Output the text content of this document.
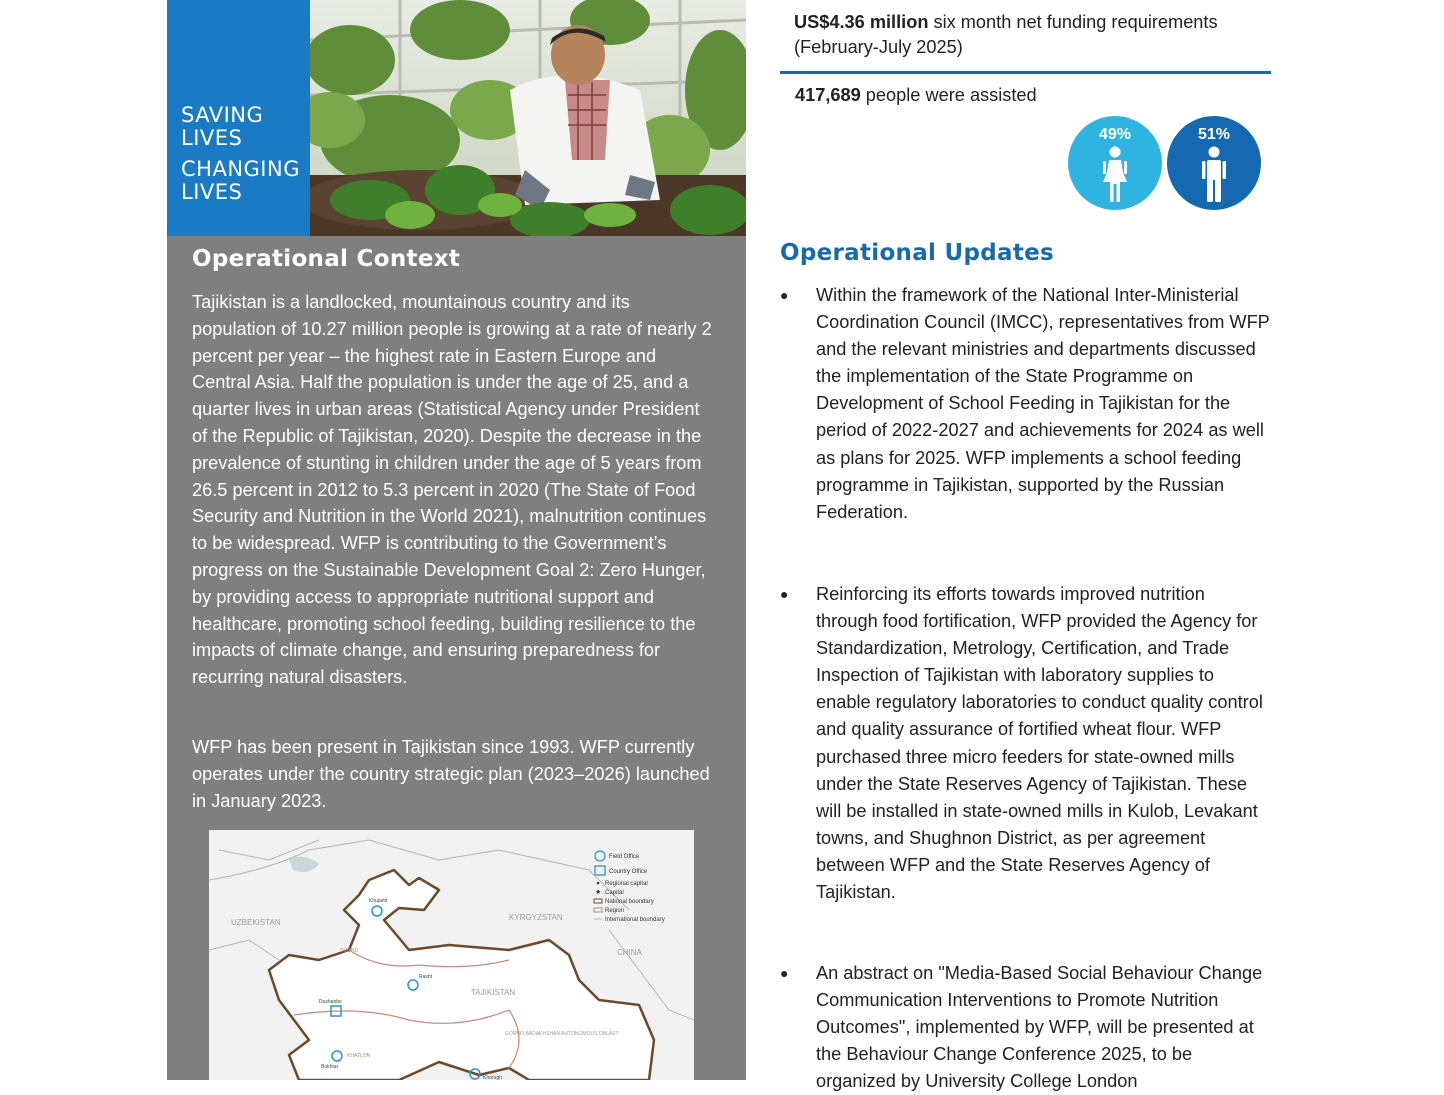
SAVING
LIVES
CHANGING
LIVES
Operational Context

Tajikistan is a landlocked, mountainous country and its population of 10.27 million people is growing at a rate of nearly 2 percent per year – the highest rate in Eastern Europe and Central Asia. Half the population is under the age of 25, and a quarter lives in urban areas (Statistical Agency under President of the Republic of Tajikistan, 2020). Despite the decrease in the prevalence of stunting in children under the age of 5 years from 26.5 percent in 2012 to 5.3 percent in 2020 (The State of Food Security and Nutrition in the World 2021), malnutrition continues to be widespread. WFP is contributing to the Government’s progress on the Sustainable Development Goal 2: Zero Hunger, by providing access to appropriate nutritional support and healthcare, promoting school feeding, building resilience to the impacts of climate change, and ensuring preparedness for recurring natural disasters.

WFP has been present in Tajikistan since 1993. WFP currently operates under the country strategic plan (2023–2026) launched in January 2023.

UZBEKISTAN
KYRGYZSTAN
CHINA
TAJIKISTAN
SUGHD
GORNO-BADAKHSHAN AUTONOMOUS OBLAST
KHATLON
Khujand
Rasht
Dushanbe
Bokhtar
Khorugh
Field Office
Country Office
Regional capital
★ Capital
National boundary
Region
International boundary

US$4.36 million six month net funding requirements (February-July 2025)

417,689 people were assisted

49%	51%
Operational Updates
● Within the framework of the National Inter-Ministerial Coordination Council (IMCC), representatives from WFP and the relevant ministries and departments discussed the implementation of the State Programme on Development of School Feeding in Tajikistan for the period of 2022-2027 and achievements for 2024 as well as plans for 2025. WFP implements a school feeding programme in Tajikistan, supported by the Russian Federation.
● Reinforcing its efforts towards improved nutrition through food fortification, WFP provided the Agency for Standardization, Metrology, Certification, and Trade Inspection of Tajikistan with laboratory supplies to enable regulatory laboratories to conduct quality control and quality assurance of fortified wheat flour. WFP purchased three micro feeders for state-owned mills under the State Reserves Agency of Tajikistan. These will be installed in state-owned mills in Kulob, Levakant towns, and Shughnon District, as per agreement between WFP and the State Reserves Agency of Tajikistan.
● An abstract on "Media-Based Social Behaviour Change Communication Interventions to Promote Nutrition Outcomes", implemented by WFP, will be presented at the Behaviour Change Conference 2025, to be organized by University College London
